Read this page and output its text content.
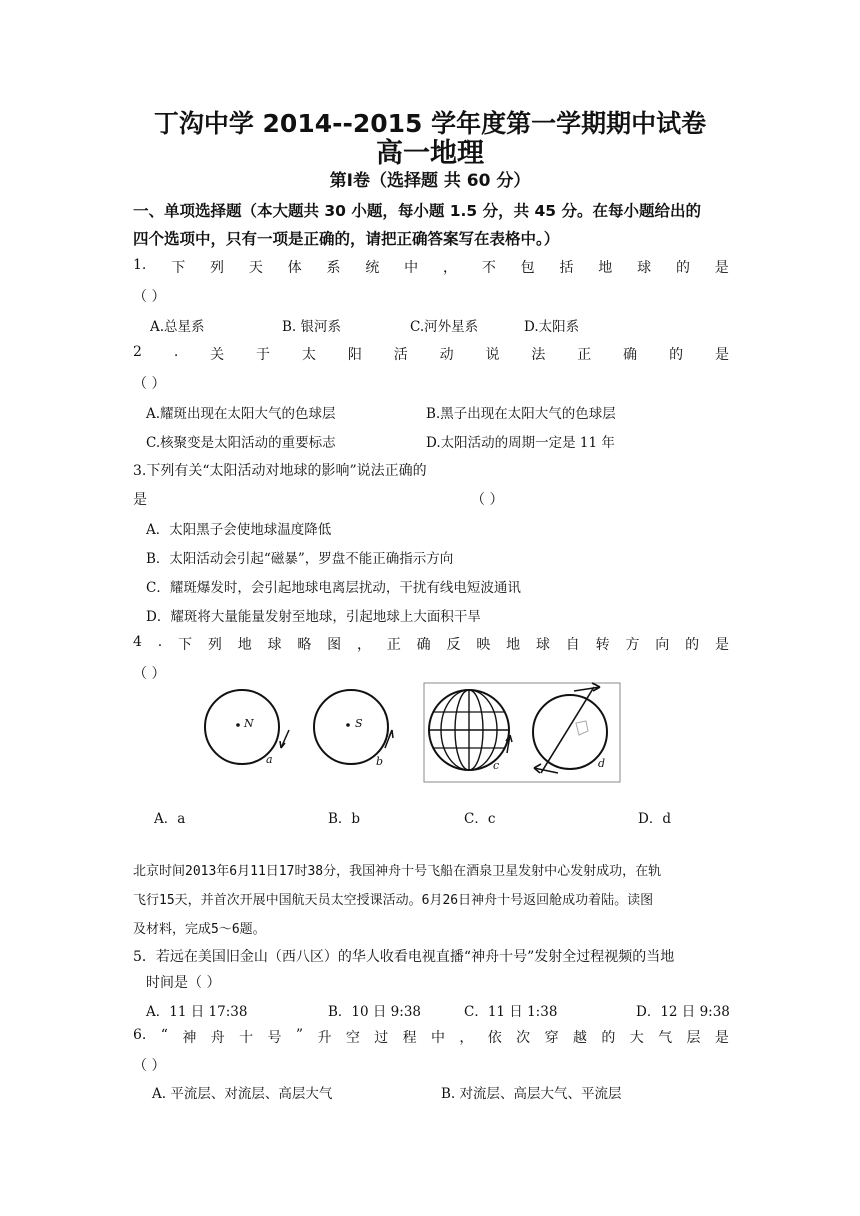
丁沟中学 2014--2015 学年度第一学期期中试卷
高一地理
第Ⅰ卷（选择题 共 60 分）
一、单项选择题（本大题共 30 小题，每小题 1.5 分，共 45 分。在每小题给出的
四个选项中，只有一项是正确的，请把正确答案写在表格中。）
1. 下 列 天 体 系 统 中 ， 不 包 括 地 球 的 是
（ ）
A.总星系	B. 银河系	C.河外星系	D.太阳系
2 . 关 于 太 阳 活 动 说 法 正 确 的 是
（ ）
A.耀斑出现在太阳大气的色球层	B.黑子出现在太阳大气的色球层
C.核聚变是太阳活动的重要标志	D.太阳活动的周期一定是 11 年
3.下列有关“太阳活动对地球的影响”说法正确的
是	（ ）
A．太阳黑子会使地球温度降低
B．太阳活动会引起“磁暴”，罗盘不能正确指示方向
C．耀斑爆发时，会引起地球电离层扰动，干扰有线电短波通讯
D．耀斑将大量能量发射至地球，引起地球上大面积干旱
4 . 下 列 地 球 略 图 ， 正 确 反 映 地 球 自 转 方 向 的 是
（ ）
N
a
S
b	c	d
A．a	B．b	C．c	D．d
北京时间2013年6月11日17时38分，我国神舟十号飞船在酒泉卫星发射中心发射成功，在轨
飞行15天，并首次开展中国航天员太空授课活动。6月26日神舟十号返回舱成功着陆。读图
及材料，完成5～6题。
5．若远在美国旧金山（西八区）的华人收看电视直播“神舟十号”发射全过程视频的当地
时间是（ ）
A．11 日 17:38	B．10 日 9:38	C．11 日 1:38	D．12 日 9:38
6. “ 神 舟 十 号 ” 升 空 过 程 中 ， 依 次 穿 越 的 大 气 层 是
（ ）
A. 平流层、对流层、高层大气	B. 对流层、高层大气、平流层
